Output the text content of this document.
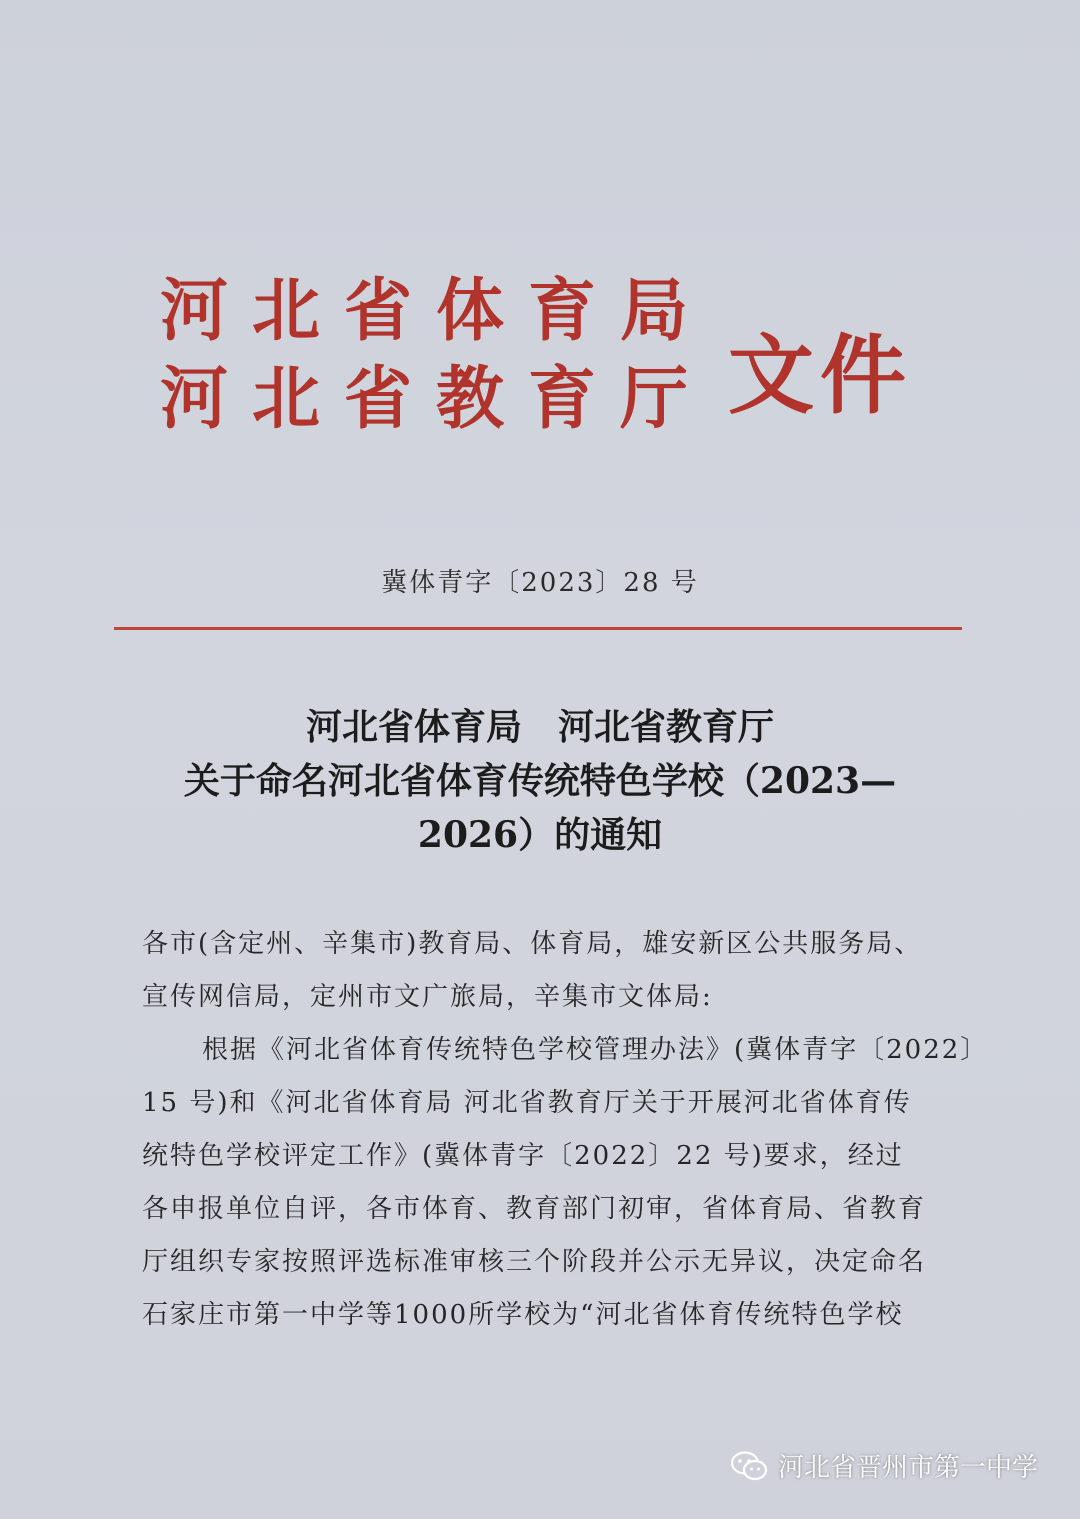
河北省体育局
河北省教育厅 文件
冀体青字〔2023〕28 号
河北省体育局　河北省教育厅
关于命名河北省体育传统特色学校（2023—
2026）的通知
各市(含定州、辛集市)教育局、体育局，雄安新区公共服务局、
宣传网信局，定州市文广旅局，辛集市文体局:
根据《河北省体育传统特色学校管理办法》(冀体青字〔2022〕
15 号)和《河北省体育局 河北省教育厅关于开展河北省体育传
统特色学校评定工作》(冀体青字〔2022〕22 号)要求，经过
各申报单位自评，各市体育、教育部门初审，省体育局、省教育
厅组织专家按照评选标准审核三个阶段并公示无异议，决定命名
石家庄市第一中学等1000所学校为“河北省体育传统特色学校
河北省晋州市第一中学
